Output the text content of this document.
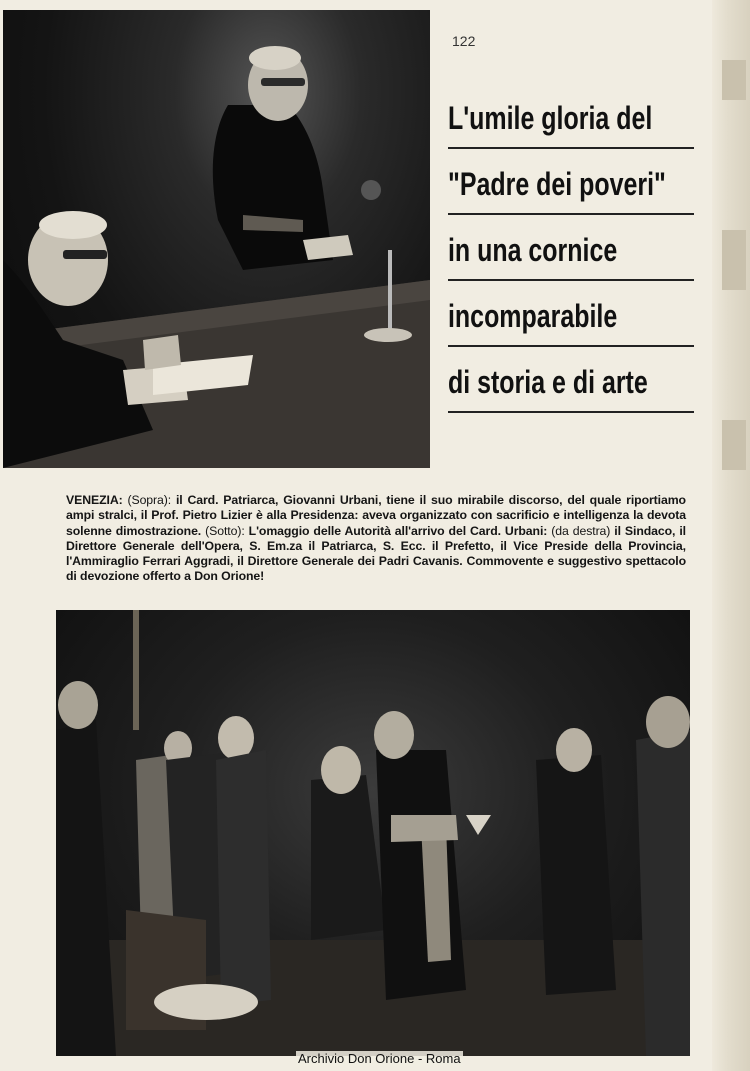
122
L'umile gloria del
"Padre dei poveri"
in una cornice
incomparabile
di storia e di arte
VENEZIA: (Sopra): il Card. Patriarca, Giovanni Urbani, tiene il suo mirabile discorso, del quale riportiamo ampi stralci, il Prof. Pietro Lizier è alla Presidenza: aveva organizzato con sacrificio e intelligenza la devota solenne dimostrazione. (Sotto): L'omaggio delle Autorità all'arrivo del Card. Urbani: (da destra) il Sindaco, il Direttore Generale dell'Opera, S. Em.za il Patriarca, S. Ecc. il Prefetto, il Vice Preside della Provincia, l'Ammiraglio Ferrari Aggradi, il Direttore Generale dei Padri Cavanis. Commovente e suggestivo spettacolo di devozione offerto a Don Orione!
Archivio Don Orione - Roma
